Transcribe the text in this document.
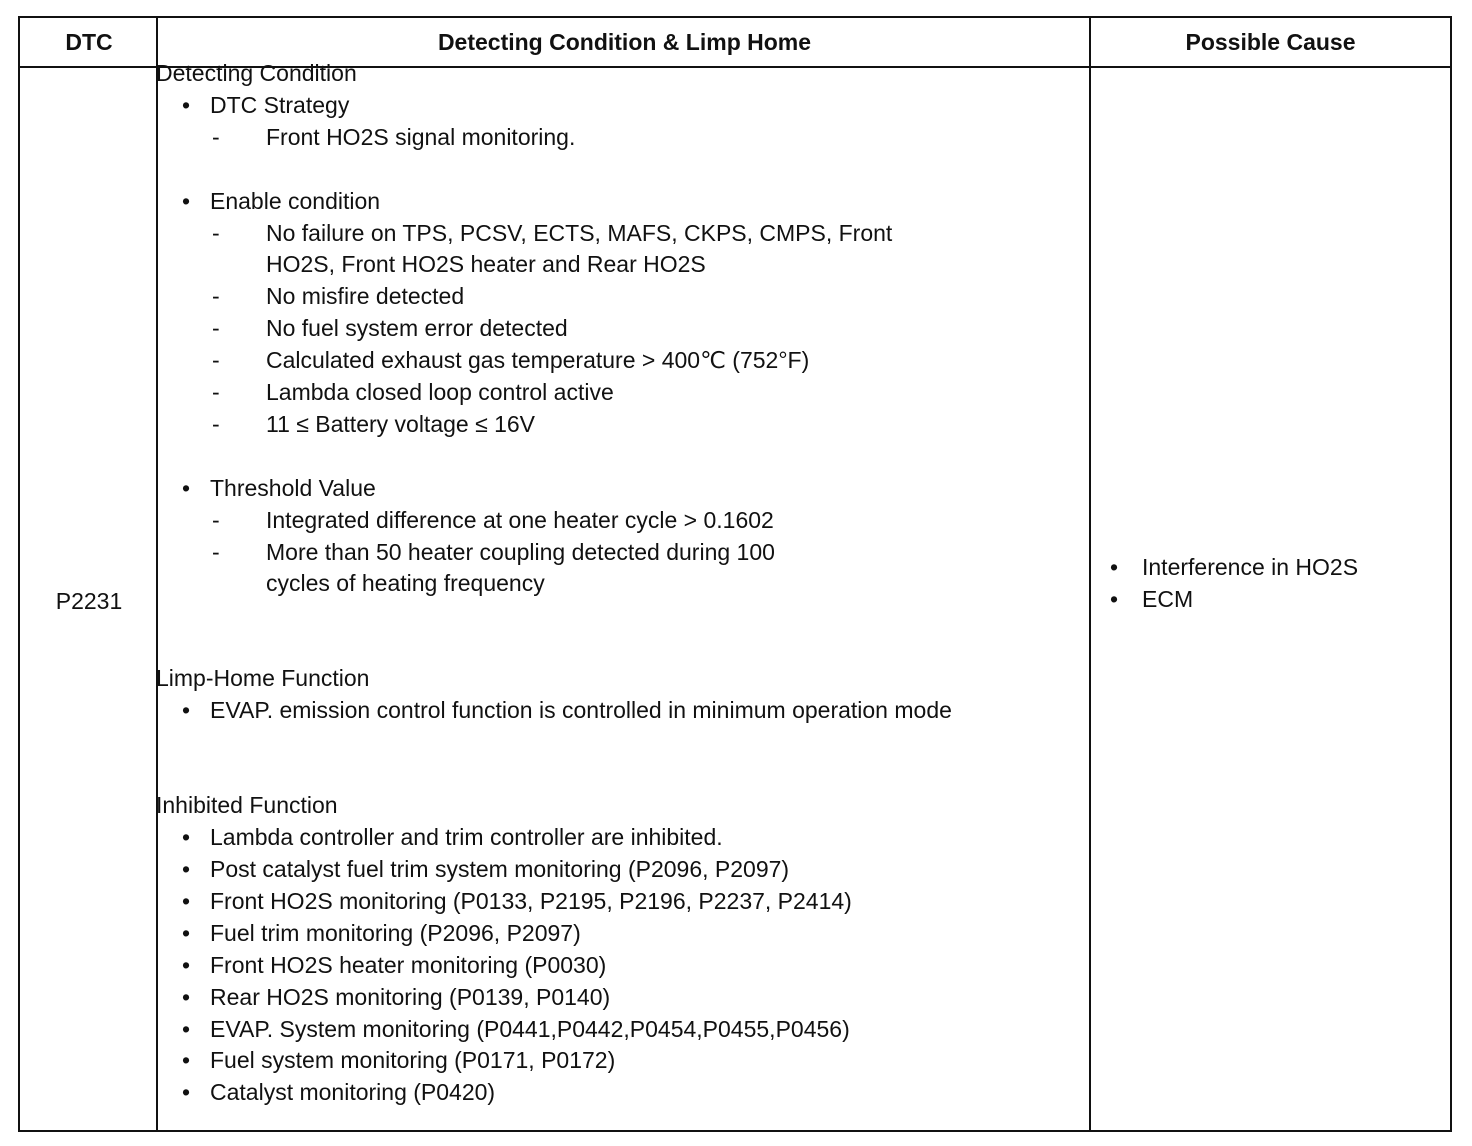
DTC	Detecting Condition & Limp Home	Possible Cause
P2231
Detecting Condition
• DTC Strategy
- Front HO2S signal monitoring.
• Enable condition
- No failure on TPS, PCSV, ECTS, MAFS, CKPS, CMPS, Front
HO2S, Front HO2S heater and Rear HO2S
- No misfire detected
- No fuel system error detected
- Calculated exhaust gas temperature > 400℃ (752°F)
- Lambda closed loop control active
- 11 ≤ Battery voltage ≤ 16V
• Threshold Value
- Integrated difference at one heater cycle > 0.1602
- More than 50 heater coupling detected during 100
cycles of heating frequency
Limp-Home Function
• EVAP. emission control function is controlled in minimum operation mode
Inhibited Function
• Lambda controller and trim controller are inhibited.
• Post catalyst fuel trim system monitoring (P2096, P2097)
• Front HO2S monitoring (P0133, P2195, P2196, P2237, P2414)
• Fuel trim monitoring (P2096, P2097)
• Front HO2S heater monitoring (P0030)
• Rear HO2S monitoring (P0139, P0140)
• EVAP. System monitoring (P0441,P0442,P0454,P0455,P0456)
• Fuel system monitoring (P0171, P0172)
• Catalyst monitoring (P0420)
• Interference in HO2S
• ECM
